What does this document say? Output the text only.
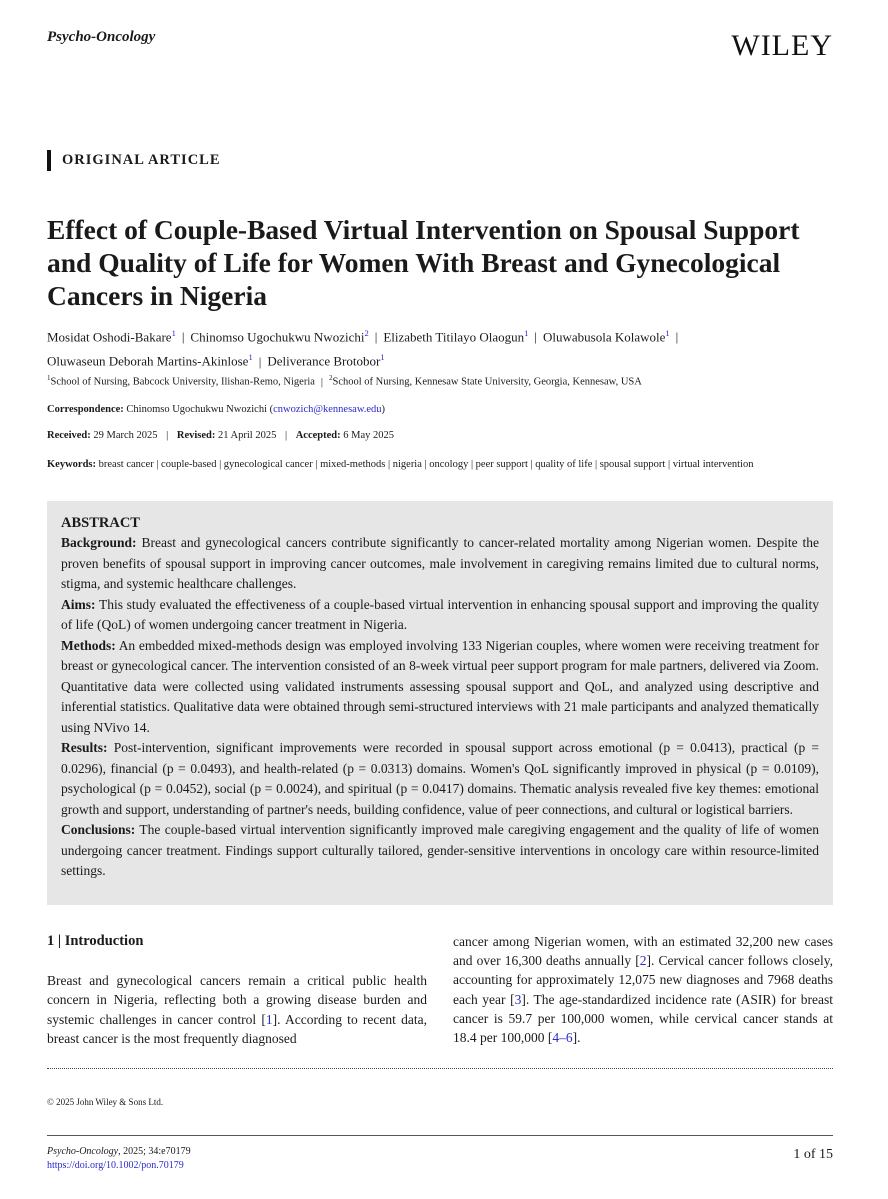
Psycho-Oncology	WILEY
ORIGINAL ARTICLE
Effect of Couple-Based Virtual Intervention on Spousal Support and Quality of Life for Women With Breast and Gynecological Cancers in Nigeria
Mosidat Oshodi-Bakare$^1$ | Chinomso Ugochukwu Nwozichi$^2$ | Elizabeth Titilayo Olaogun$^1$ | Oluwabusola Kolawole$^1$ |
Oluwaseun Deborah Martins-Akinlose$^1$ | Deliverance Brotobor$^1$
$^1$School of Nursing, Babcock University, Ilishan-Remo, Nigeria | $^2$School of Nursing, Kennesaw State University, Georgia, Kennesaw, USA
Correspondence: Chinomso Ugochukwu Nwozichi (cnwozich@kennesaw.edu)
Received: 29 March 2025 | Revised: 21 April 2025 | Accepted: 6 May 2025
Keywords: breast cancer | couple-based | gynecological cancer | mixed-methods | nigeria | oncology | peer support | quality of life | spousal support | virtual intervention
ABSTRACT

Background: Breast and gynecological cancers contribute significantly to cancer-related mortality among Nigerian women. Despite the proven benefits of spousal support in improving cancer outcomes, male involvement in caregiving remains limited due to cultural norms, stigma, and systemic healthcare challenges.

Aims: This study evaluated the effectiveness of a couple-based virtual intervention in enhancing spousal support and improving the quality of life (QoL) of women undergoing cancer treatment in Nigeria.

Methods: An embedded mixed-methods design was employed involving 133 Nigerian couples, where women were receiving treatment for breast or gynecological cancer. The intervention consisted of an 8-week virtual peer support program for male partners, delivered via Zoom. Quantitative data were collected using validated instruments assessing spousal support and QoL, and analyzed using descriptive and inferential statistics. Qualitative data were obtained through semi-structured interviews with 21 male participants and analyzed thematically using NVivo 14.

Results: Post-intervention, significant improvements were recorded in spousal support across emotional (p = 0.0413), practical (p = 0.0296), financial (p = 0.0493), and health-related (p = 0.0313) domains. Women's QoL significantly improved in physical (p = 0.0109), psychological (p = 0.0452), social (p = 0.0024), and spiritual (p = 0.0417) domains. Thematic analysis revealed five key themes: emotional growth and support, understanding of partner's needs, building confidence, value of peer connections, and cultural or logistical barriers.

Conclusions: The couple-based virtual intervention significantly improved male caregiving engagement and the quality of life of women undergoing cancer treatment. Findings support culturally tailored, gender-sensitive interventions in oncology care within resource-limited settings.

1 | Introduction

Breast and gynecological cancers remain a critical public health concern in Nigeria, reflecting both a growing disease burden and systemic challenges in cancer control [1]. According to recent data, breast cancer is the most frequently diagnosed

cancer among Nigerian women, with an estimated 32,200 new cases and over 16,300 deaths annually [2]. Cervical cancer follows closely, accounting for approximately 12,075 new diagnoses and 7968 deaths each year [3]. The age-standardized incidence rate (ASIR) for breast cancer is 59.7 per 100,000 women, while cervical cancer stands at 18.4 per 100,000 [4–6].

© 2025 John Wiley & Sons Ltd.
Psycho-Oncology, 2025; 34:e70179
https://doi.org/10.1002/pon.70179
1 of 15
